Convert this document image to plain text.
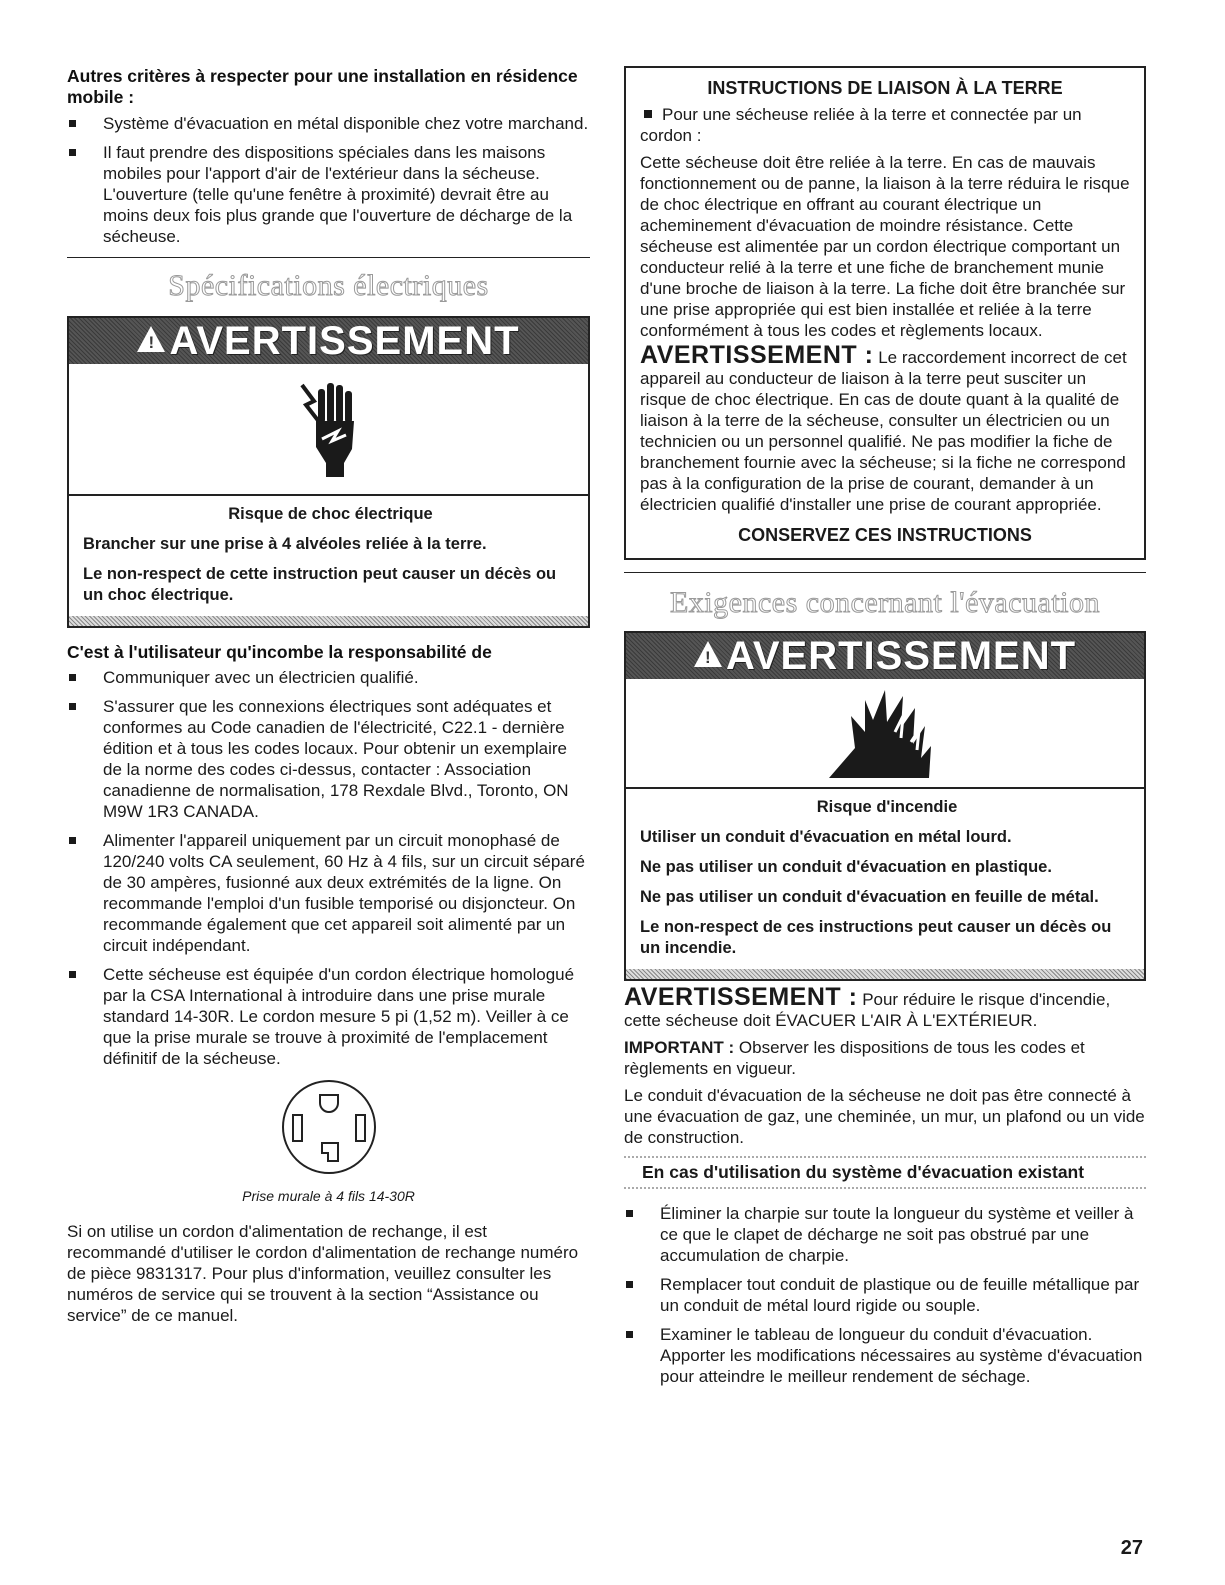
Autres critères à respecter pour une installation en résidence mobile :

Système d'évacuation en métal disponible chez votre marchand.
Il faut prendre des dispositions spéciales dans les maisons mobiles pour l'apport d'air de l'extérieur dans la sécheuse. L'ouverture (telle qu'une fenêtre à proximité) devrait être au moins deux fois plus grande que l'ouverture de décharge de la sécheuse.
Spécifications électriques
!
AVERTISSEMENT

Risque de choc électrique

Brancher sur une prise à 4 alvéoles reliée à la terre.

Le non-respect de cette instruction peut causer un décès ou un choc électrique.

C'est à l'utilisateur qu'incombe la responsabilité de

Communiquer avec un électricien qualifié.
S'assurer que les connexions électriques sont adéquates et conformes au Code canadien de l'électricité, C22.1 - dernière édition et à tous les codes locaux. Pour obtenir un exemplaire de la norme des codes ci-dessus, contacter : Association canadienne de normalisation, 178 Rexdale Blvd., Toronto, ON M9W 1R3 CANADA.
Alimenter l'appareil uniquement par un circuit monophasé de 120/240 volts CA seulement, 60 Hz à 4 fils, sur un circuit séparé de 30 ampères, fusionné aux deux extrémités de la ligne. On recommande l'emploi d'un fusible temporisé ou disjoncteur. On recommande également que cet appareil soit alimenté par un circuit indépendant.
Cette sécheuse est équipée d'un cordon électrique homologué par la CSA International à introduire dans une prise murale standard 14-30R. Le cordon mesure 5 pi (1,52 m). Veiller à ce que la prise murale se trouve à proximité de l'emplacement définitif de la sécheuse.
Prise murale à 4 fils 14-30R

Si on utilise un cordon d'alimentation de rechange, il est recommandé d'utiliser le cordon d'alimentation de rechange numéro de pièce 9831317. Pour plus d'information, veuillez consulter les numéros de service qui se trouvent à la section “Assistance ou service” de ce manuel.

INSTRUCTIONS DE LIAISON À LA TERRE

Pour une sécheuse reliée à la terre et connectée par un cordon :

Cette sécheuse doit être reliée à la terre. En cas de mauvais fonctionnement ou de panne, la liaison à la terre réduira le risque de choc électrique en offrant au courant électrique un acheminement d'évacuation de moindre résistance. Cette sécheuse est alimentée par un cordon électrique comportant un conducteur relié à la terre et une fiche de branchement munie d'une broche de liaison à la terre. La fiche doit être branchée sur une prise appropriée qui est bien installée et reliée à la terre conformément à tous les codes et règlements locaux.

AVERTISSEMENT : Le raccordement incorrect de cet appareil au conducteur de liaison à la terre peut susciter un risque de choc électrique. En cas de doute quant à la qualité de liaison à la terre de la sécheuse, consulter un électricien ou un technicien ou un personnel qualifié. Ne pas modifier la fiche de branchement fournie avec la sécheuse; si la fiche ne correspond pas à la configuration de la prise de courant, demander à un électricien qualifié d'installer une prise de courant appropriée.

CONSERVEZ CES INSTRUCTIONS

Exigences concernant l'évacuation
!
AVERTISSEMENT

Risque d'incendie

Utiliser un conduit d'évacuation en métal lourd.

Ne pas utiliser un conduit d'évacuation en plastique.

Ne pas utiliser un conduit d'évacuation en feuille de métal.

Le non-respect de ces instructions peut causer un décès ou un incendie.

AVERTISSEMENT : Pour réduire le risque d'incendie, cette sécheuse doit ÉVACUER L'AIR À L'EXTÉRIEUR.

IMPORTANT : Observer les dispositions de tous les codes et règlements en vigueur.

Le conduit d'évacuation de la sécheuse ne doit pas être connecté à une évacuation de gaz, une cheminée, un mur, un plafond ou un vide de construction.

En cas d'utilisation du système d'évacuation existant
Éliminer la charpie sur toute la longueur du système et veiller à ce que le clapet de décharge ne soit pas obstrué par une accumulation de charpie.
Remplacer tout conduit de plastique ou de feuille métallique par un conduit de métal lourd rigide ou souple.
Examiner le tableau de longueur du conduit d'évacuation. Apporter les modifications nécessaires au système d'évacuation pour atteindre le meilleur rendement de séchage.
27
